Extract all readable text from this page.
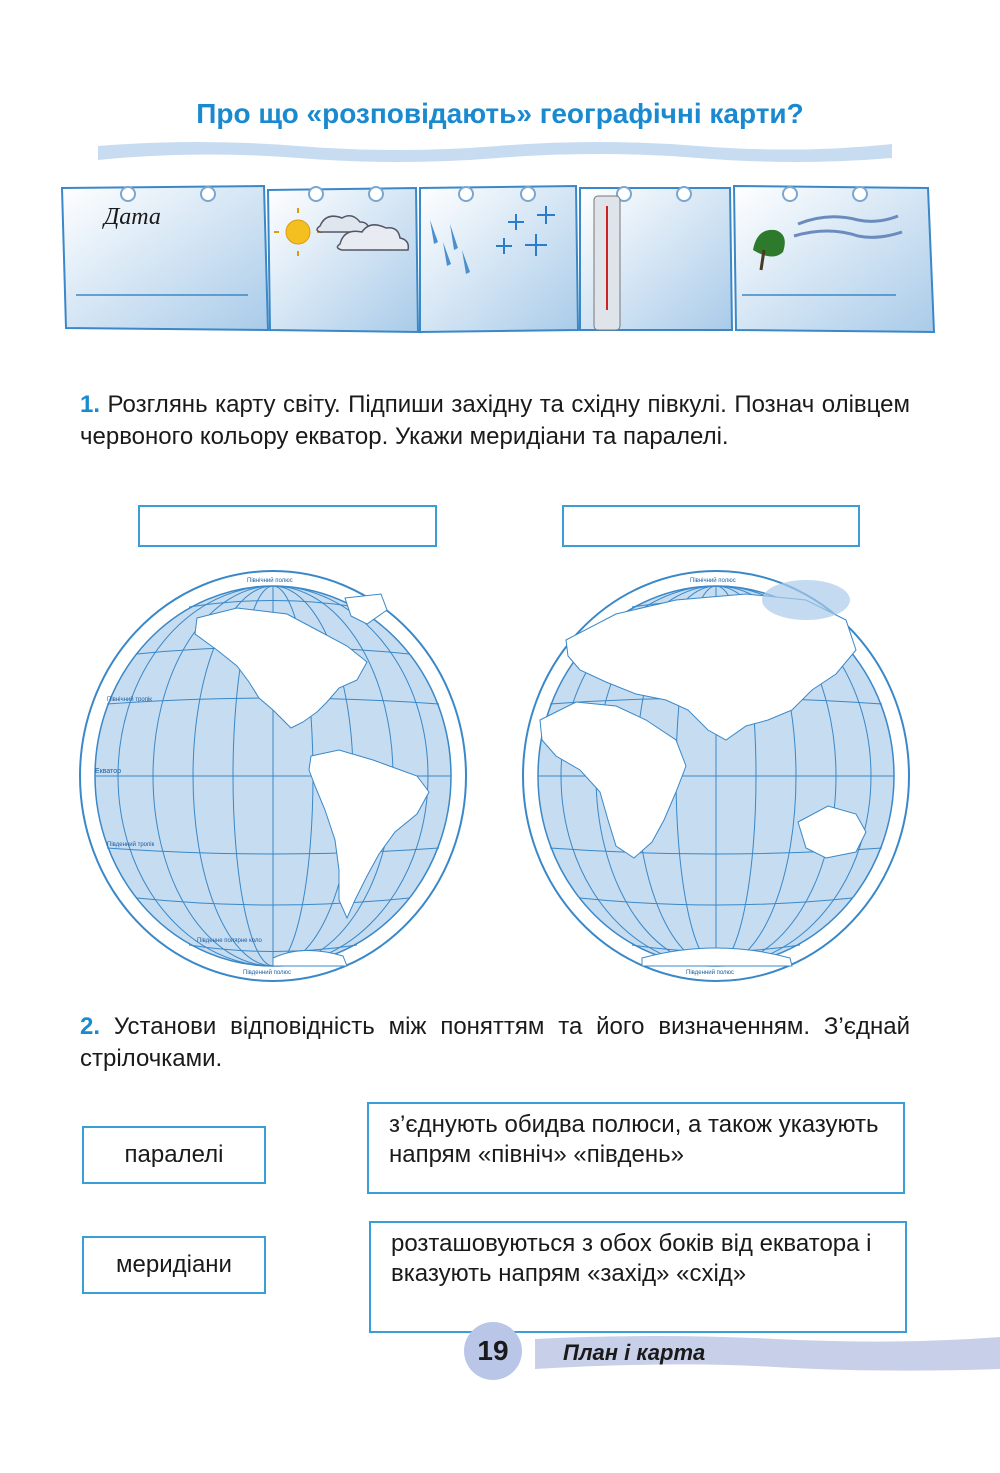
Про що «розповідають» географічні карти?
Дата
1. Розглянь карту світу. Підпиши західну та східну півкулі. Познач олівцем червоного кольору екватор. Укажи меридіани та паралелі.
Північний полюс
Південний полюс
Екватор
Північний тропік
Південний тропік
Південне полярне коло
Північний полюс
Південний полюс
2. Установи відповідність між поняттям та його визначенням. З’єднай стрілочками.
паралелі
меридіани
з’єднують обидва полюси, а також указують напрям «північ» «південь»
розташовуються з обох боків від екватора і вказують напрям «захід» «схід»
19	План і карта
